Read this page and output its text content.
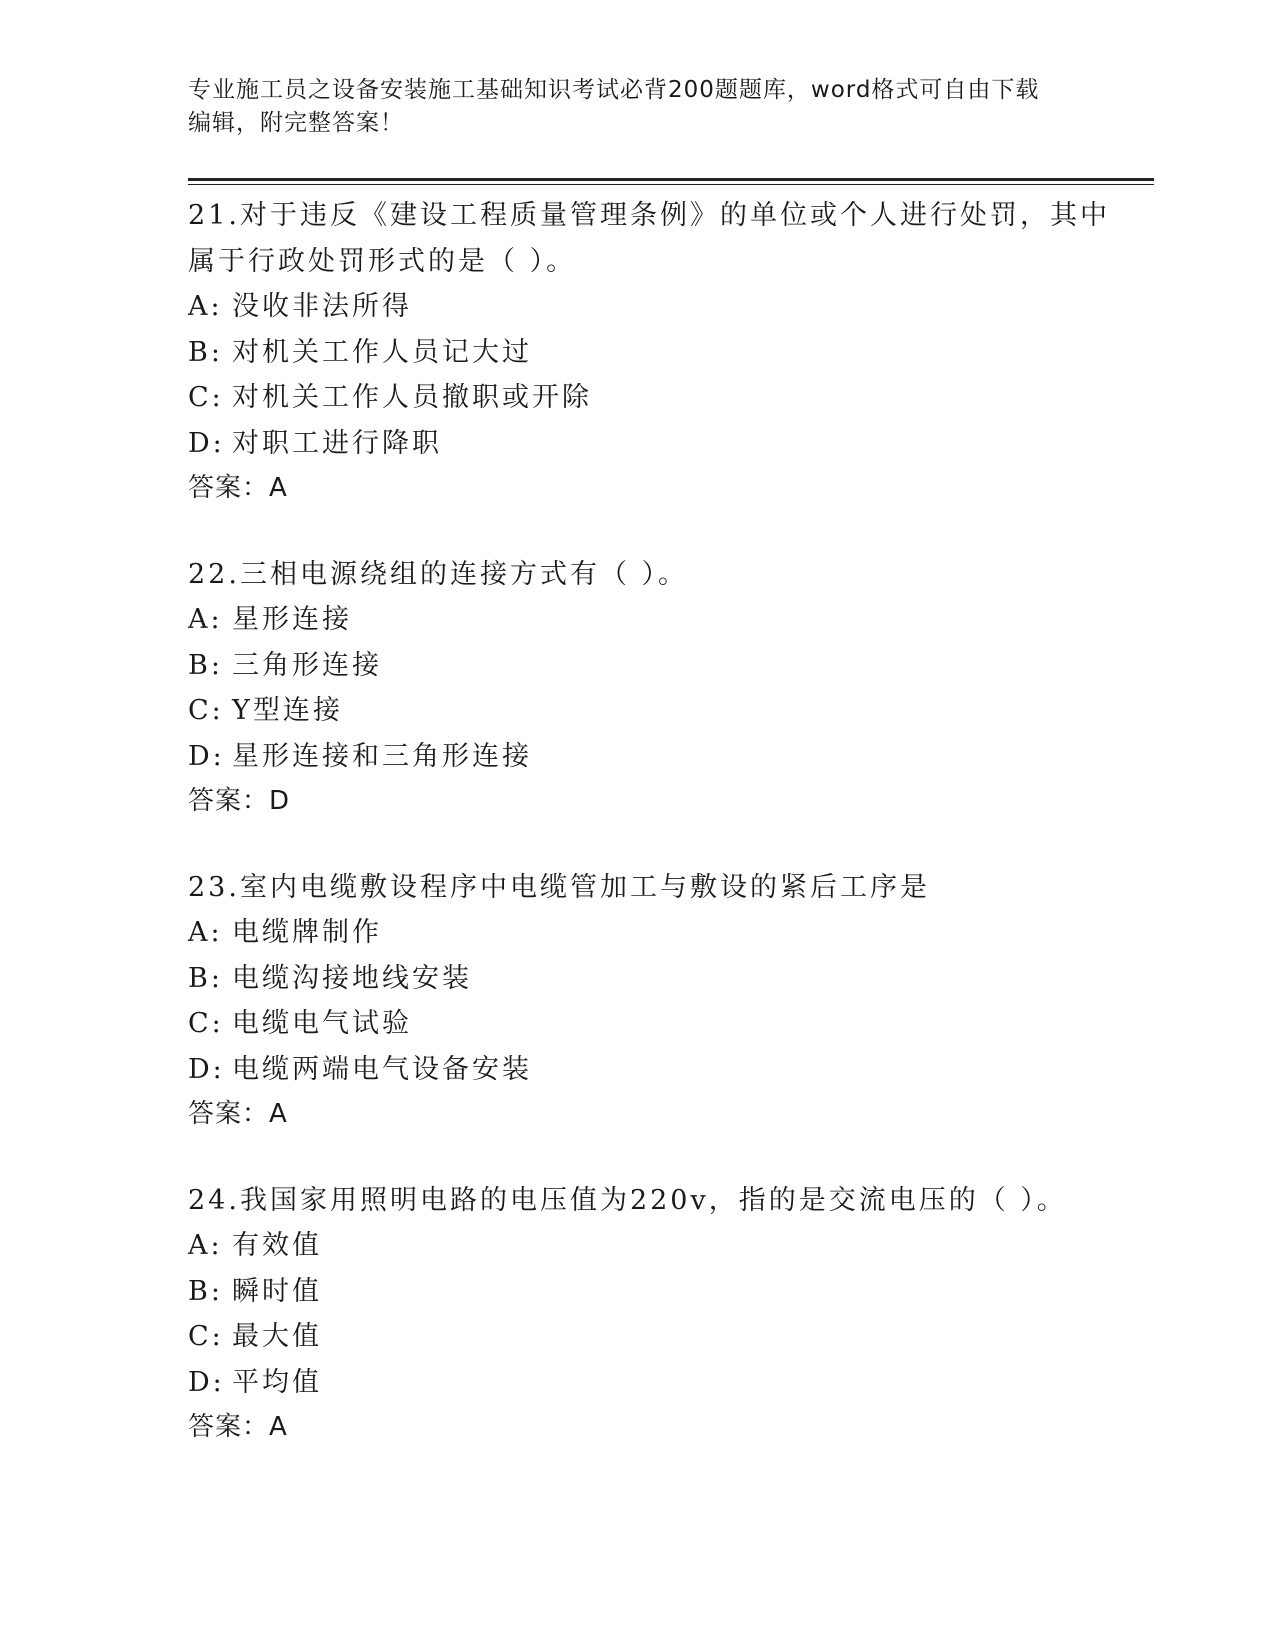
专业施工员之设备安装施工基础知识考试必背200题题库，word格式可自由下载
编辑，附完整答案！
21.对于违反《建设工程质量管理条例》的单位或个人进行处罚，其中
属于行政处罚形式的是（ ）。
A: 没收非法所得
B: 对机关工作人员记大过
C: 对机关工作人员撤职或开除
D: 对职工进行降职
答案：A
22.三相电源绕组的连接方式有（ ）。
A: 星形连接
B: 三角形连接
C: Y型连接
D: 星形连接和三角形连接
答案：D
23.室内电缆敷设程序中电缆管加工与敷设的紧后工序是
A: 电缆牌制作
B: 电缆沟接地线安装
C: 电缆电气试验
D: 电缆两端电气设备安装
答案：A
24.我国家用照明电路的电压值为220v，指的是交流电压的（ ）。
A: 有效值
B: 瞬时值
C: 最大值
D: 平均值
答案：A
